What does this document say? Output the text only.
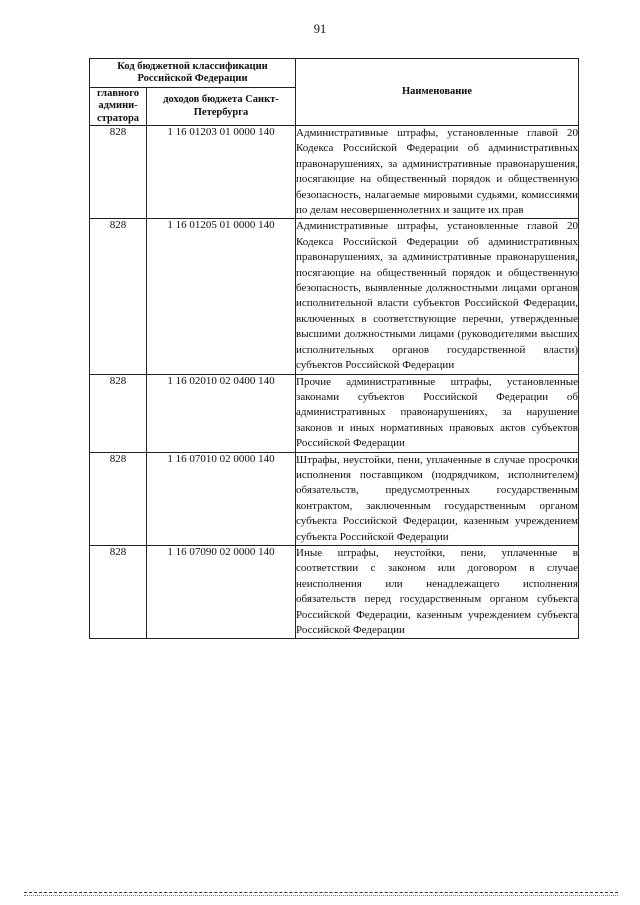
91
Код бюджетной классификации Российской Федерации		Наименование
главного админи-стратора	доходов бюджета Санкт-Петербурга	
828	1 16 01203 01 0000 140	Административные штрафы, установленные главой 20 Кодекса Российской Федерации об административных правонарушениях, за административные правонарушения, посягающие на общественный порядок и общественную безопасность, налагаемые мировыми судьями, комиссиями по делам несовершеннолетних и защите их прав

828	1 16 01205 01 0000 140	Административные штрафы, установленные главой 20 Кодекса Российской Федерации об административных правонарушениях, за административные правонарушения, посягающие на общественный порядок и общественную безопасность, выявленные должностными лицами органов исполнительной власти субъектов Российской Федерации, включенных в соответствующие перечни, утвержденные высшими должностными лицами (руководителями высших исполнительных органов государственной власти) субъектов Российской Федерации

828	1 16 02010 02 0400 140	Прочие административные штрафы, установленные законами субъектов Российской Федерации об административных правонарушениях, за нарушение законов и иных нормативных правовых актов субъектов Российской Федерации

828	1 16 07010 02 0000 140	Штрафы, неустойки, пени, уплаченные в случае просрочки исполнения поставщиком (подрядчиком, исполнителем) обязательств, предусмотренных государственным контрактом, заключенным государственным органом субъекта Российской Федерации, казенным учреждением субъекта Российской Федерации

828	1 16 07090 02 0000 140	Иные штрафы, неустойки, пени, уплаченные в соответствии с законом или договором в случае неисполнения или ненадлежащего исполнения обязательств перед государственным органом субъекта Российской Федерации, казенным учреждением субъекта Российской Федерации
